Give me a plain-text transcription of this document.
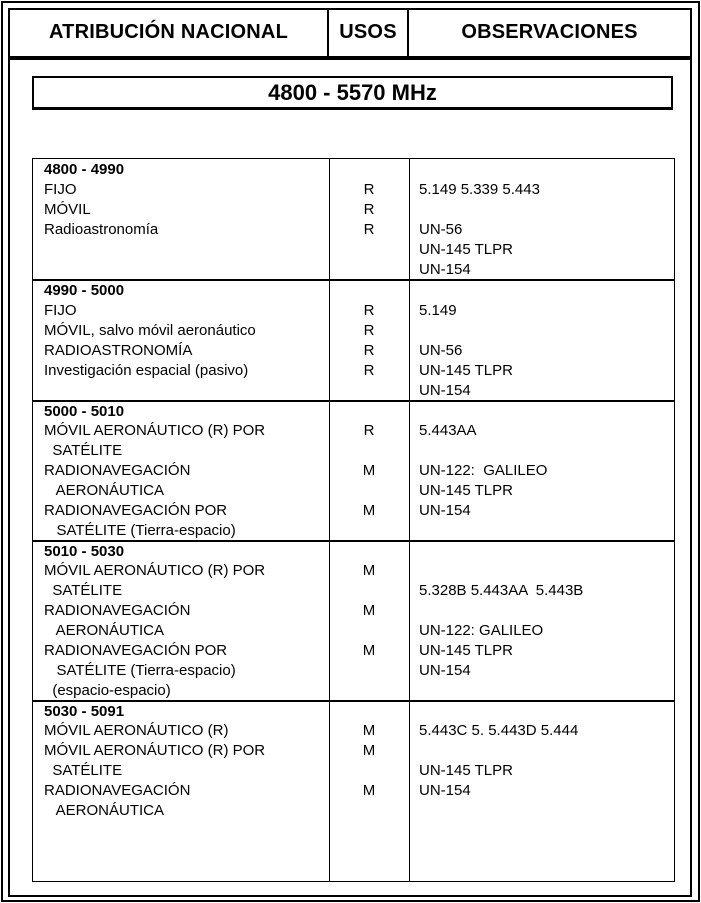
ATRIBUCIÓN NACIONAL	USOS	OBSERVACIONES
4800 - 5570 MHz
4800 - 4990
FIJO
MÓVIL
Radioastronomía
R
R
R
5.149 5.339 5.443
UN-56
UN-145 TLPR
UN-154
4990 - 5000
FIJO
MÓVIL, salvo móvil aeronáutico
RADIOASTRONOMÍA
Investigación espacial (pasivo)
R
R
R
R
5.149
UN-56
UN-145 TLPR
UN-154
5000 - 5010
MÓVIL AERONÁUTICO (R) POR
SATÉLITE
RADIONAVEGACIÓN
AERONÁUTICA
RADIONAVEGACIÓN POR
SATÉLITE (Tierra-espacio)
R
M
M
5.443AA
UN-122:  GALILEO
UN-145 TLPR
UN-154
5010 - 5030
MÓVIL AERONÁUTICO (R) POR
SATÉLITE
RADIONAVEGACIÓN
AERONÁUTICA
RADIONAVEGACIÓN POR
SATÉLITE (Tierra-espacio)
(espacio-espacio)
M
M
M
5.328B 5.443AA  5.443B
UN-122: GALILEO
UN-145 TLPR
UN-154
5030 - 5091
MÓVIL AERONÁUTICO (R)
MÓVIL AERONÁUTICO (R) POR
SATÉLITE
RADIONAVEGACIÓN
AERONÁUTICA
M
M
M
5.443C 5. 5.443D 5.444
UN-145 TLPR
UN-154
